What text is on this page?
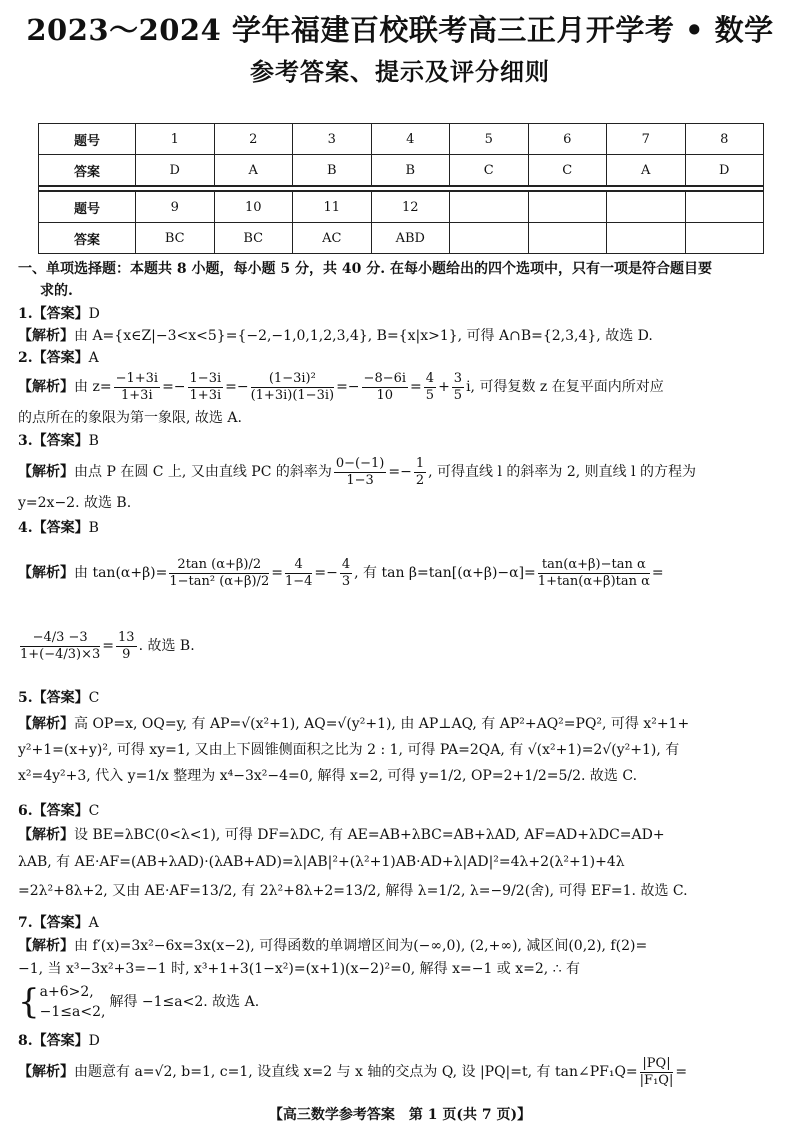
2023～2024 学年福建百校联考高三正月开学考 • 数学
参考答案、提示及评分细则
题号	1	2	3	4	5	6	7	8
答案	D	A	B	B	C	C	A	D

题号	9	10	11	12				
答案	BC	BC	AC	ABD				
一、单项选择题：本题共 8 小题，每小题 5 分，共 40 分. 在每小题给出的四个选项中，只有一项是符合题目要
求的.
1.【答案】D
【解析】由 A={x∈Z|−3<x<5}={−2,−1,0,1,2,3,4}, B={x|x>1}, 可得 A∩B={2,3,4}, 故选 D.
2.【答案】A
【解析】由 $z= \frac{-1+3i}{1+3i} =- \frac{1-3i}{1+3i} =- \frac{\text{(1−3i)²}}{(1+3i)(1-3i)} =- \frac{-8-6i}{10} = \frac{4}{5} + \frac{3}{5} i$, 可得复数 z 在复平面内所对应
的点所在的象限为第一象限, 故选 A.
3.【答案】B
【解析】由点 P 在圆 C 上, 又由直线 PC 的斜率为 $\frac{0-(-1)}{1-3} =- \frac{1}{2}$ , 可得直线 l 的斜率为 2, 则直线 l 的方程为
y=2x−2. 故选 B.
4.【答案】B
【解析】由 $\tan(\alpha+\beta)= \frac{2\tan (\alpha+\beta)/2}{\text{1−tan² (α+β)/2}} = \frac{4}{1-4} =- \frac{4}{3}$ , 有 $\tan \beta=\tan[(\alpha+\beta)-\alpha]= \frac{\text{tan(α+β)−tan α}}{\text{1+tan(α+β)tan α}}$ =
$\frac{-4/3 -3}{1+(-4/3)\times 3} = \frac{13}{9}$ . 故选 B.
5.【答案】C
【解析】高 OP=x, OQ=y, 有 AP=√(x²+1), AQ=√(y²+1), 由 AP⊥AQ, 有 AP²+AQ²=PQ², 可得 x²+1+
y²+1=(x+y)², 可得 xy=1, 又由上下圆锥侧面积之比为 2 : 1, 可得 PA=2QA, 有 √(x²+1)=2√(y²+1), 有
x²=4y²+3, 代入 y=1/x 整理为 x⁴−3x²−4=0, 解得 x=2, 可得 y=1/2, OP=2+1/2=5/2. 故选 C.
6.【答案】C
【解析】设 BE=λBC(0<λ<1), 可得 DF=λDC, 有 AE=AB+λBC=AB+λAD, AF=AD+λDC=AD+
λAB, 有 AE·AF=(AB+λAD)·(λAB+AD)=λ|AB|²+(λ²+1)AB·AD+λ|AD|²=4λ+2(λ²+1)+4λ
=2λ²+8λ+2, 又由 AE·AF=13/2, 有 2λ²+8λ+2=13/2, 解得 λ=1/2, λ=−9/2(舍), 可得 EF=1. 故选 C.
7.【答案】A
【解析】由 f′(x)=3x²−6x=3x(x−2), 可得函数的单调增区间为(−∞,0), (2,+∞), 减区间(0,2), f(2)=
−1, 当 x³−3x²+3=−1 时, x³+1+3(1−x²)=(x+1)(x−2)²=0, 解得 x=−1 或 x=2, ∴ 有
{ a+6>2,
−1≤a<2,
解得 −1≤a<2. 故选 A.
8.【答案】D
【解析】由题意有 a=√2, b=1, c=1, 设直线 x=2 与 x 轴的交点为 Q, 设 |PQ|=t, 有 tan∠PF₁Q= $\frac{|PQ|}{\text{|F₁Q|}}$ =
【高三数学参考答案　第 1 页(共 7 页)】
